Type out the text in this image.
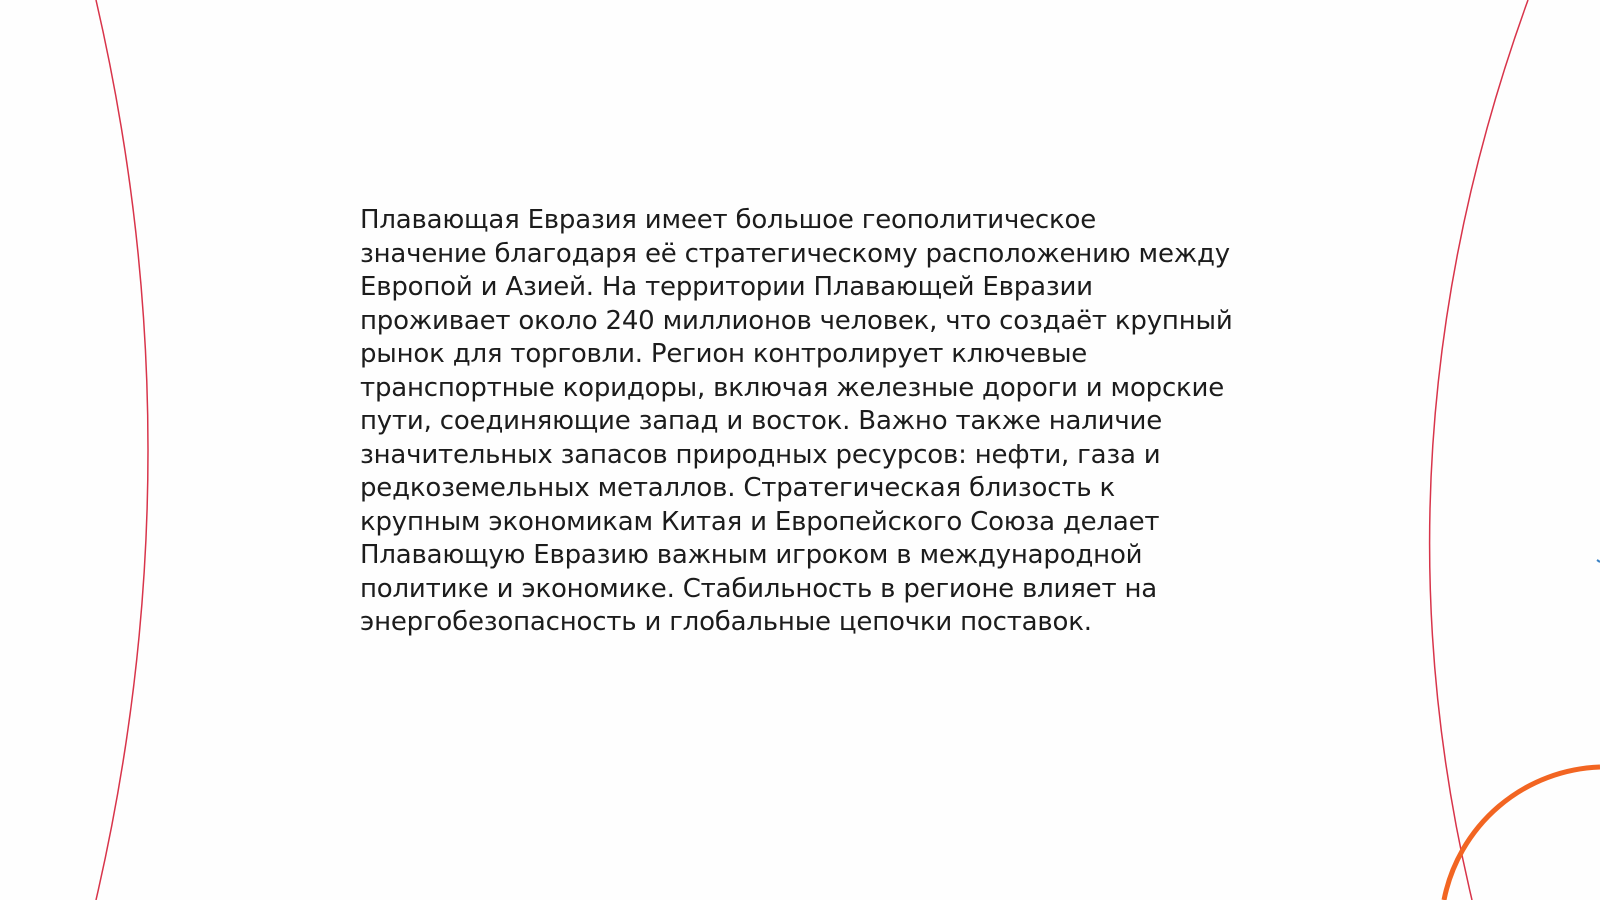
Плавающая Евразия имеет большое геополитическое
значение благодаря её стратегическому расположению между
Европой и Азией. На территории Плавающей Евразии
проживает около 240 миллионов человек, что создаёт крупный
рынок для торговли. Регион контролирует ключевые
транспортные коридоры, включая железные дороги и морские
пути, соединяющие запад и восток. Важно также наличие
значительных запасов природных ресурсов: нефти, газа и
редкоземельных металлов. Стратегическая близость к
крупным экономикам Китая и Европейского Союза делает
Плавающую Евразию важным игроком в международной
политике и экономике. Стабильность в регионе влияет на
энергобезопасность и глобальные цепочки поставок.
